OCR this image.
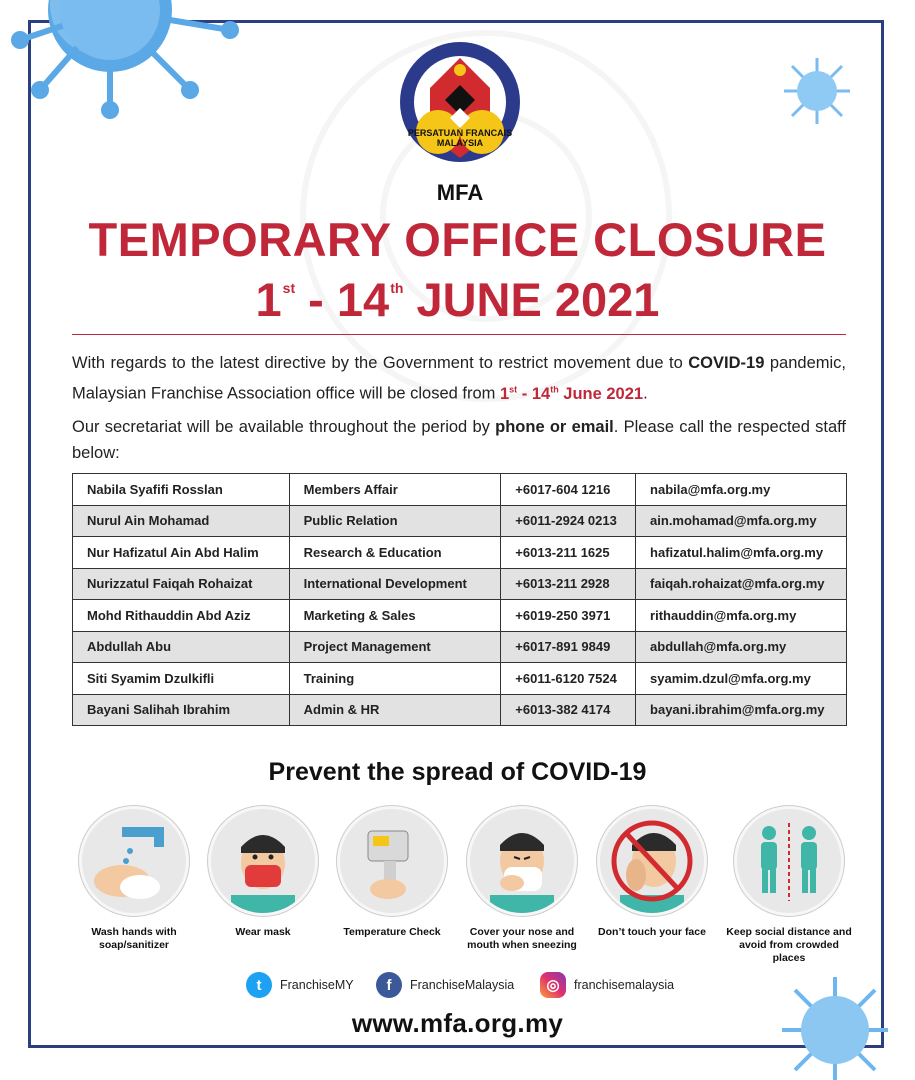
PERSATUAN FRANCAIS MALAYSIA
MFA
TEMPORARY OFFICE CLOSURE
1st - 14th JUNE 2021
With regards to the latest directive by the Government to restrict movement due to COVID-19 pandemic, Malaysian Franchise Association office will be closed from 1st - 14th June 2021.
Our secretariat will be available throughout the period by phone or email. Please call the respected staff below:
Nabila Syafifi Rosslan	Members Affair	+6017-604 1216	nabila@mfa.org.my
Nurul Ain Mohamad	Public Relation	+6011-2924 0213	ain.mohamad@mfa.org.my
Nur Hafizatul Ain Abd Halim	Research & Education	+6013-211 1625	hafizatul.halim@mfa.org.my
Nurizzatul Faiqah Rohaizat	International Development	+6013-211 2928	faiqah.rohaizat@mfa.org.my
Mohd Rithauddin Abd Aziz	Marketing & Sales	+6019-250 3971	rithauddin@mfa.org.my
Abdullah Abu	Project Management	+6017-891 9849	abdullah@mfa.org.my
Siti Syamim Dzulkifli	Training	+6011-6120 7524	syamim.dzul@mfa.org.my
Bayani Salihah Ibrahim	Admin & HR	+6013-382 4174	bayani.ibrahim@mfa.org.my
Prevent the spread of COVID-19
Wash hands with soap/sanitizer
Wear mask	Temperature Check	Cover your nose and mouth when sneezing
Don’t touch your face	Keep social distance and avoid from crowded places
t	FranchiseMY	f	FranchiseMalaysia	◎	franchisemalaysia
www.mfa.org.my
